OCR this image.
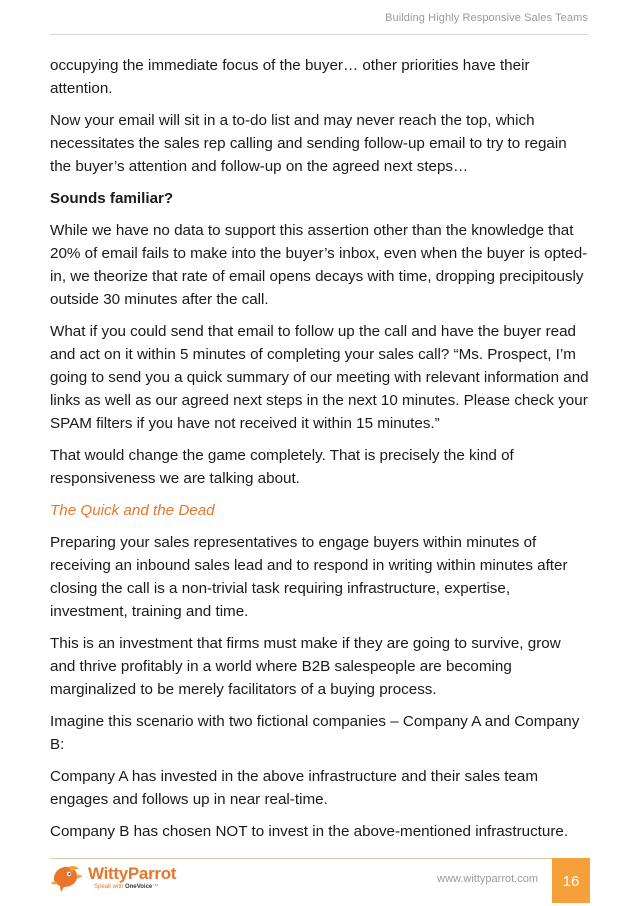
Building Highly Responsive Sales Teams

occupying the immediate focus of the buyer… other priorities have their attention.

Now your email will sit in a to-do list and may never reach the top, which necessitates the sales rep calling and sending follow-up email to try to regain the buyer’s attention and follow-up on the agreed next steps…

Sounds familiar?

While we have no data to support this assertion other than the knowledge that 20% of email fails to make into the buyer’s inbox, even when the buyer is opted-in, we theorize that rate of email opens decays with time, dropping precipitously outside 30 minutes after the call.

What if you could send that email to follow up the call and have the buyer read and act on it within 5 minutes of completing your sales call? “Ms. Prospect, I’m going to send you a quick summary of our meeting with relevant information and links as well as our agreed next steps in the next 10 minutes. Please check your SPAM filters if you have not received it within 15 minutes.”

That would change the game completely. That is precisely the kind of responsiveness we are talking about.

The Quick and the Dead

Preparing your sales representatives to engage buyers within minutes of receiving an inbound sales lead and to respond in writing within minutes after closing the call is a non-trivial task requiring infrastructure, expertise, investment, training and time.

This is an investment that firms must make if they are going to survive, grow and thrive profitably in a world where B2B salespeople are becoming marginalized to be merely facilitators of a buying process.

Imagine this scenario with two fictional companies – Company A and Company B:

Company A has invested in the above infrastructure and their sales team engages and follows up in near real-time.

Company B has chosen NOT to invest in the above-mentioned infrastructure.

WittyParrot
Speak with OneVoice™
www.wittyparrot.com	16
